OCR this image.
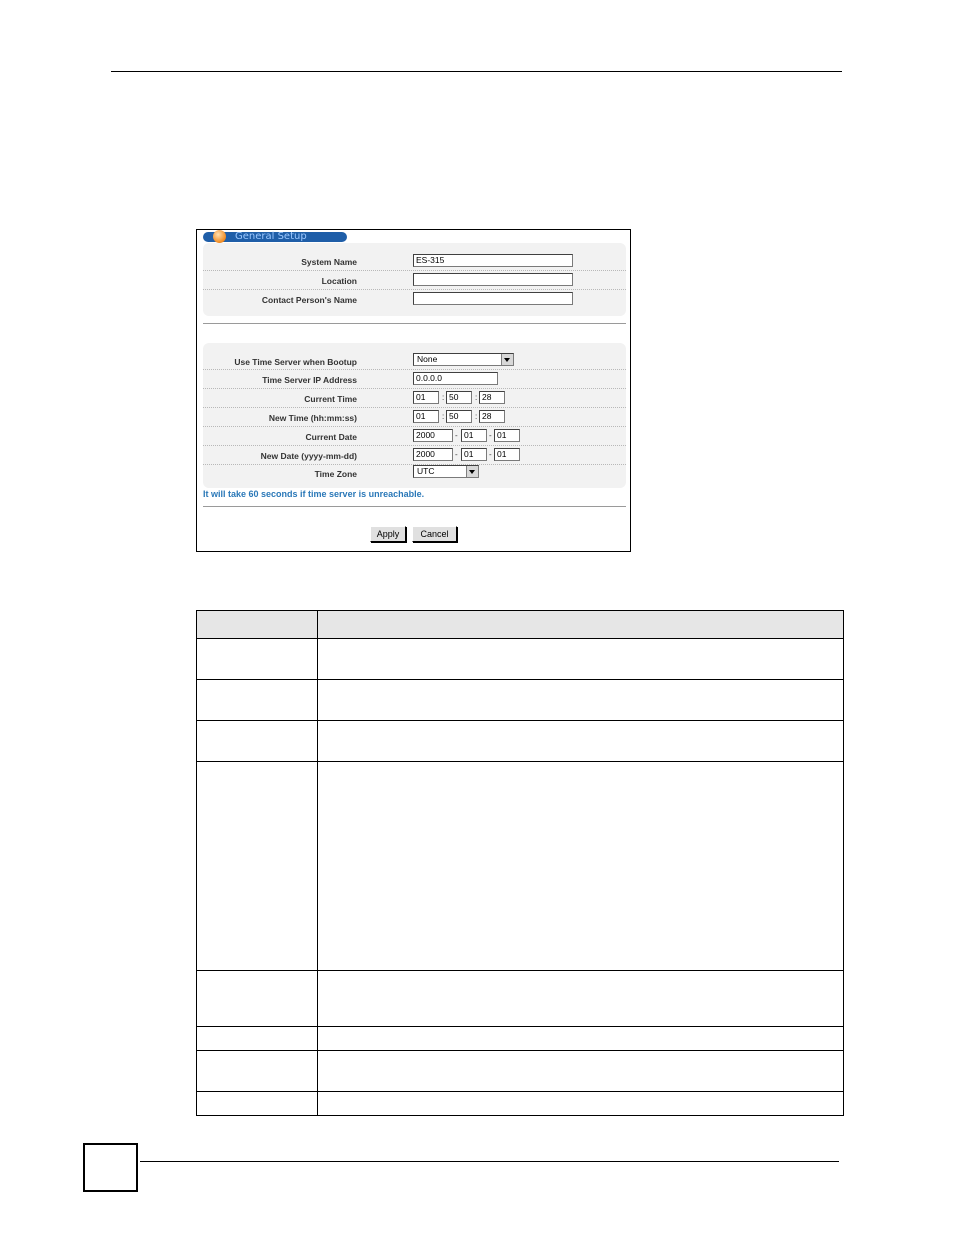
General Setup
System Name	ES-315
Location
Contact Person's Name
Use Time Server when Bootup	None
Time Server IP Address	0.0.0.0
Current Time	01	: 50	: 28
New Time (hh:mm:ss)	01	: 50	: 28
Current Date	2000	- 01	- 01
New Date (yyyy-mm-dd)	2000	- 01	- 01
Time Zone	UTC
It will take 60 seconds if time server is unreachable.
Apply	Cancel
